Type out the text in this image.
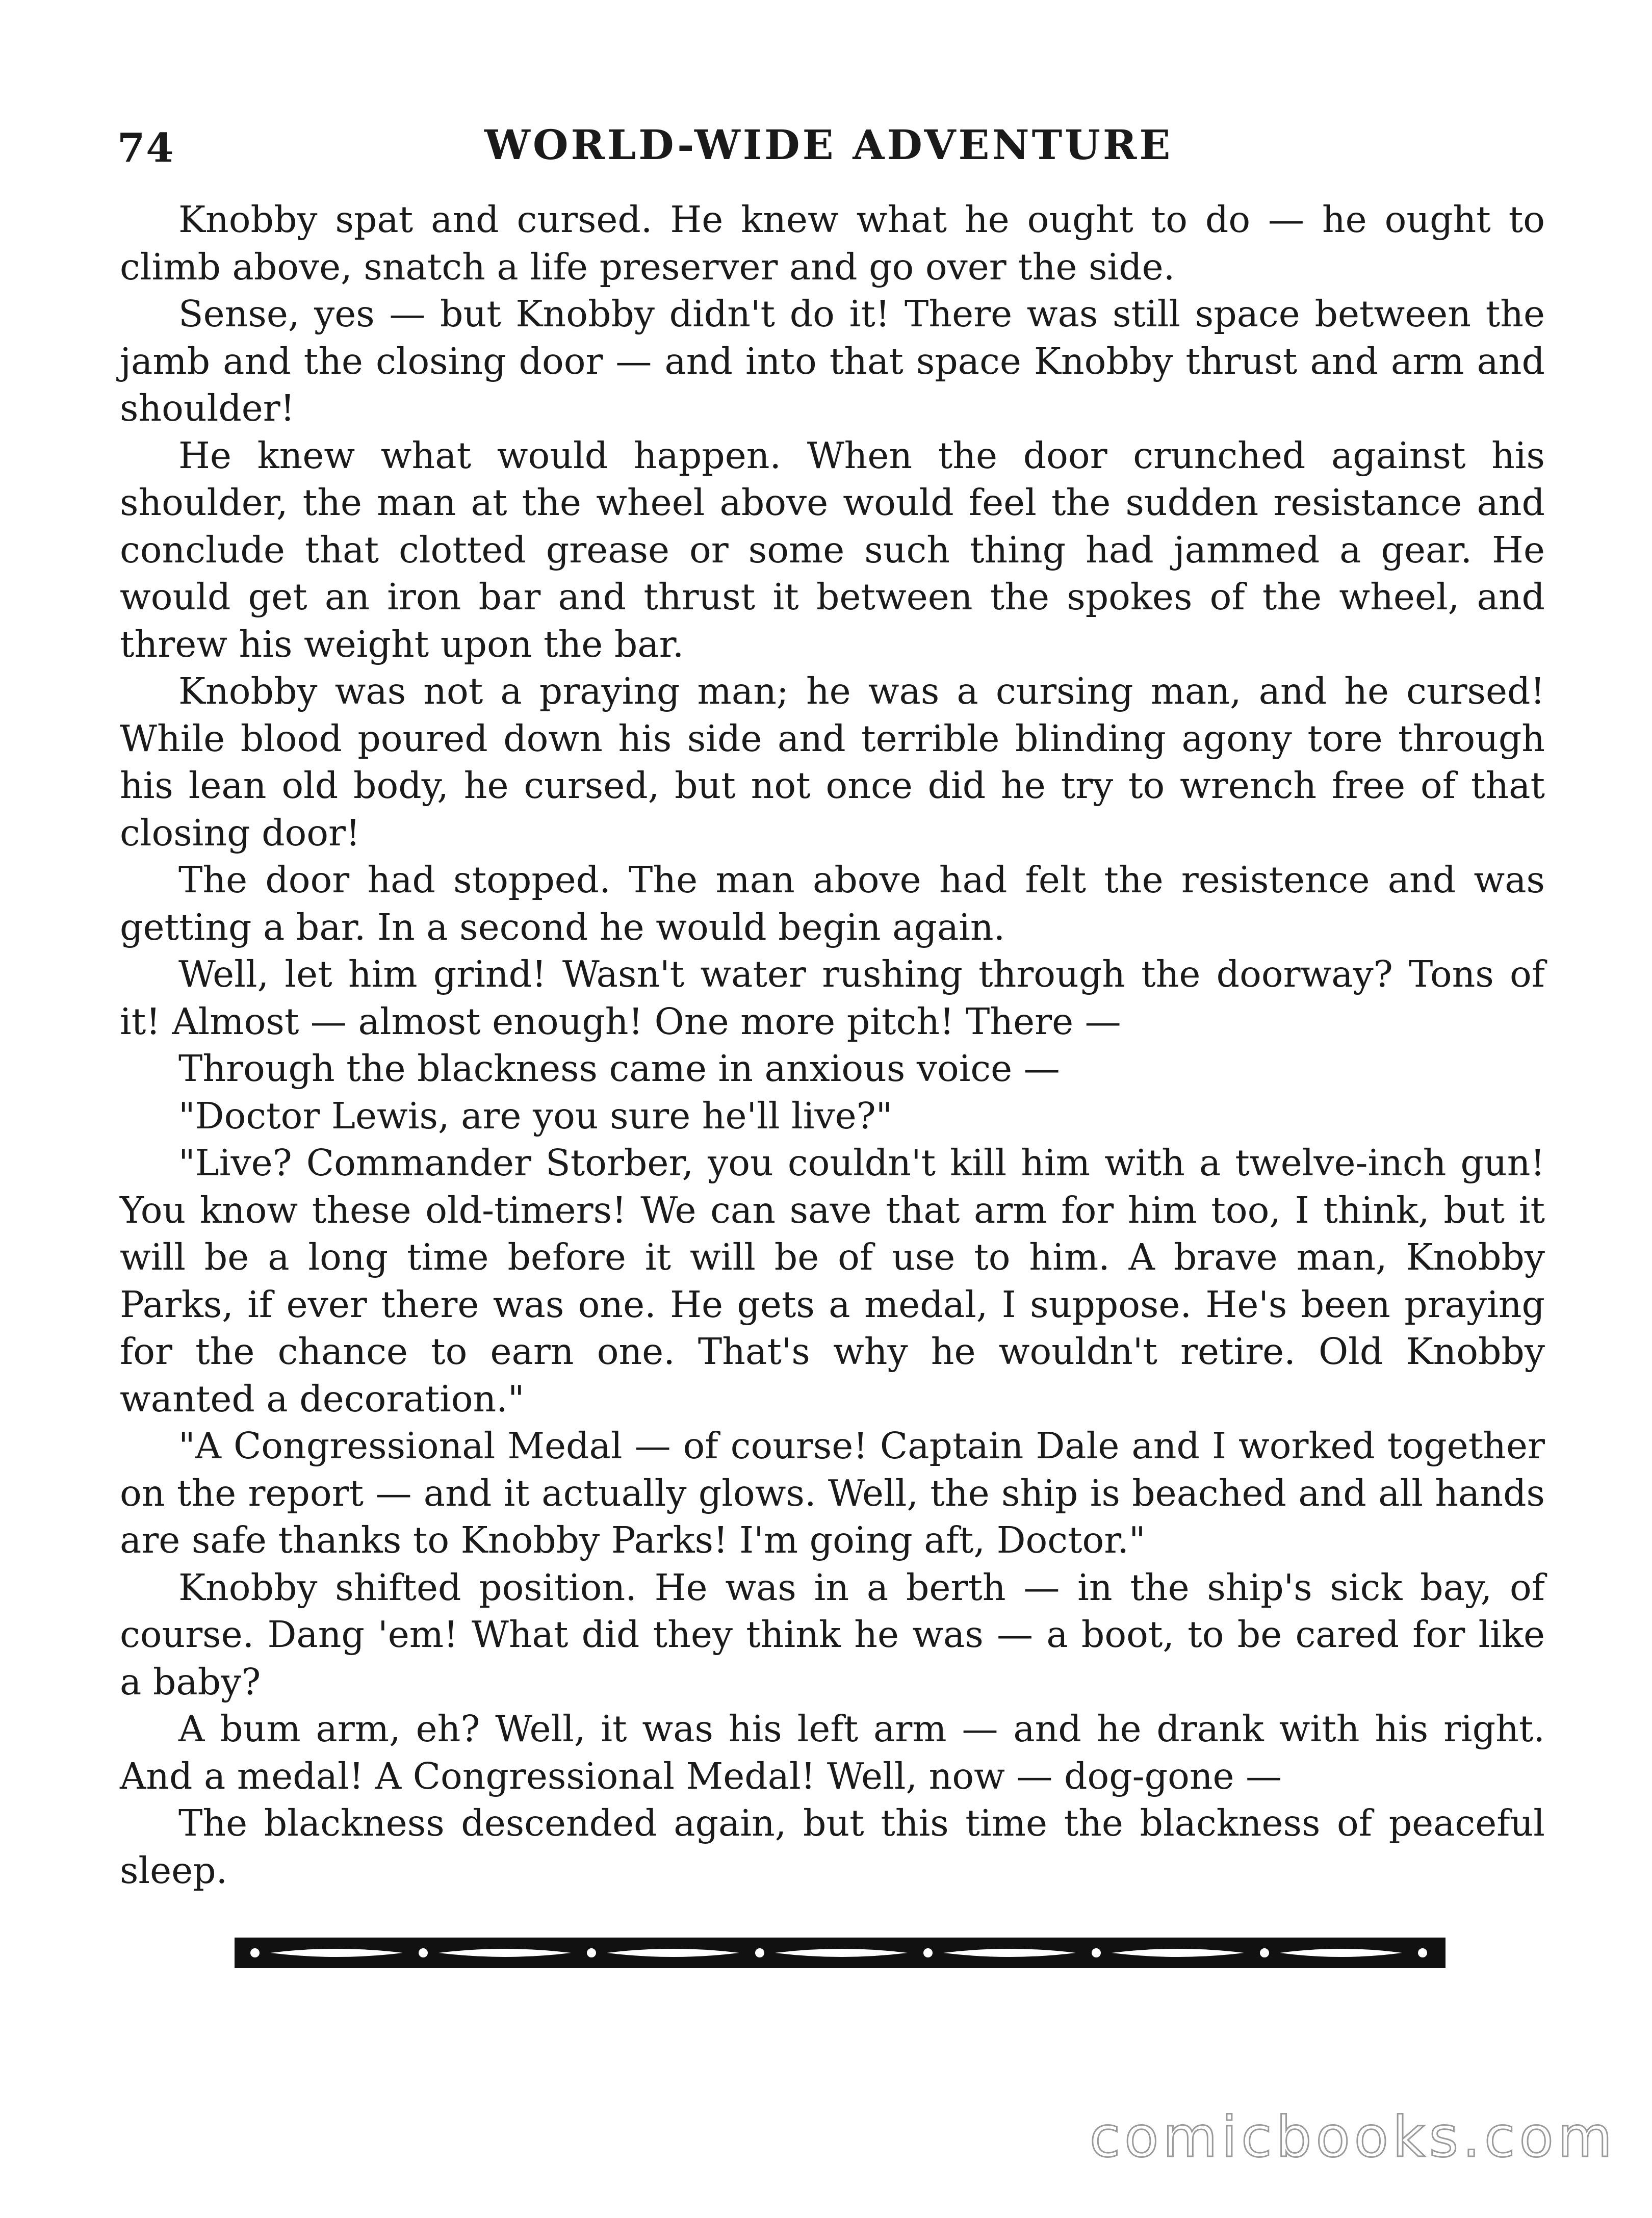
74	WORLD-WIDE ADVENTURE

Knobby spat and cursed. He knew what he ought to do — he ought to climb above, snatch a life preserver and go over the side.

Sense, yes — but Knobby didn't do it! There was still space between the jamb and the closing door — and into that space Knobby thrust and arm and shoulder!

He knew what would happen. When the door crunched against his shoulder, the man at the wheel above would feel the sudden resistance and conclude that clotted grease or some such thing had jammed a gear. He would get an iron bar and thrust it between the spokes of the wheel, and threw his weight upon the bar.

Knobby was not a praying man; he was a cursing man, and he cursed! While blood poured down his side and terrible blinding agony tore through his lean old body, he cursed, but not once did he try to wrench free of that closing door!

The door had stopped. The man above had felt the resistence and was getting a bar. In a second he would begin again.

Well, let him grind! Wasn't water rushing through the doorway? Tons of it! Almost — almost enough! One more pitch! There —

Through the blackness came in anxious voice —

"Doctor Lewis, are you sure he'll live?"

"Live? Commander Storber, you couldn't kill him with a twelve-inch gun! You know these old-timers! We can save that arm for him too, I think, but it will be a long time before it will be of use to him. A brave man, Knobby Parks, if ever there was one. He gets a medal, I suppose. He's been praying for the chance to earn one. That's why he wouldn't retire. Old Knobby wanted a decoration."

"A Congressional Medal — of course! Captain Dale and I worked together on the report — and it actually glows. Well, the ship is beached and all hands are safe thanks to Knobby Parks! I'm going aft, Doctor."

Knobby shifted position. He was in a berth — in the ship's sick bay, of course. Dang 'em! What did they think he was — a boot, to be cared for like a baby?

A bum arm, eh? Well, it was his left arm — and he drank with his right. And a medal! A Congressional Medal! Well, now — dog-gone —

The blackness descended again, but this time the blackness of peaceful sleep.

comicbooks.com
